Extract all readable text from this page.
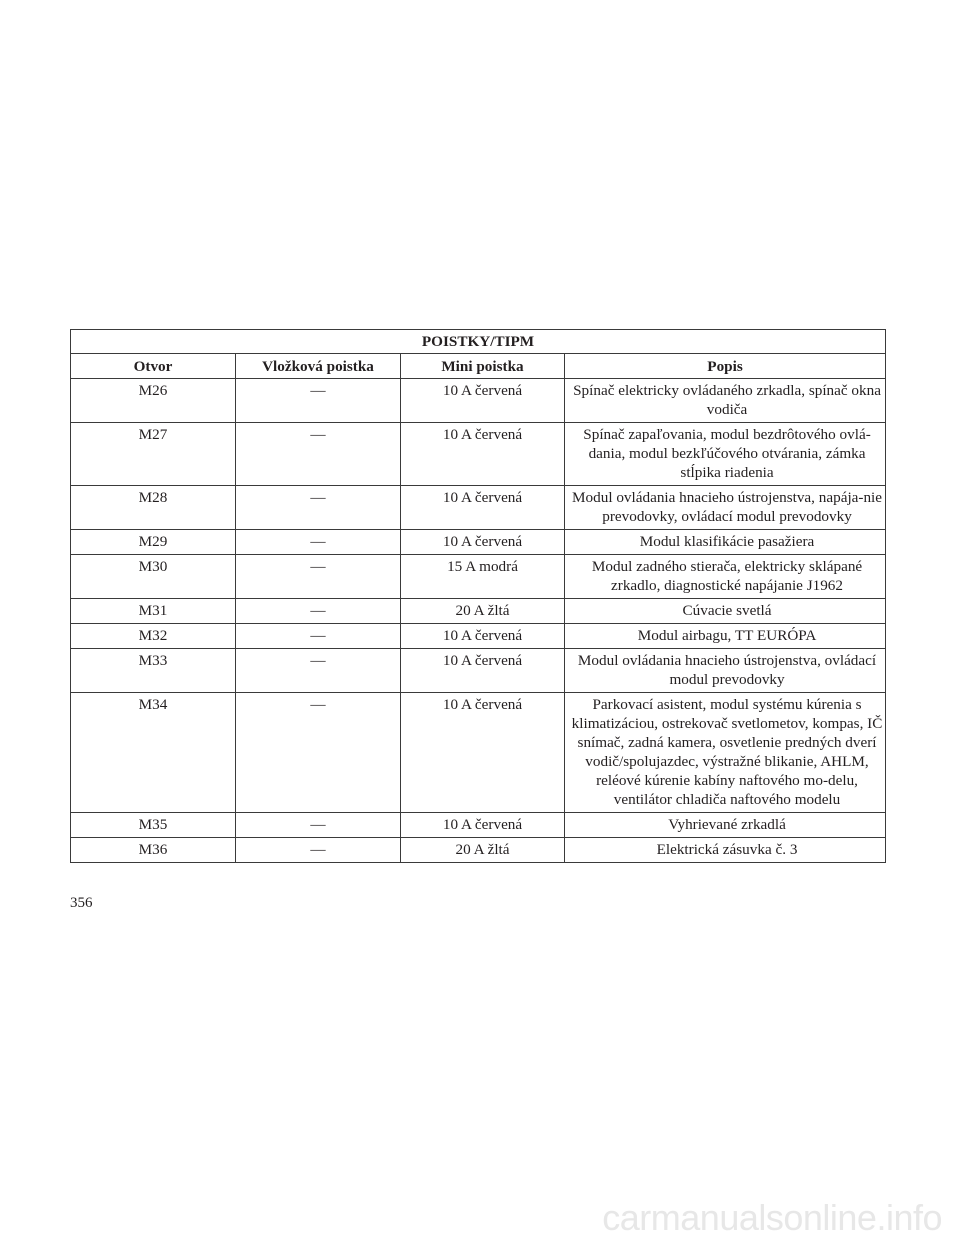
POISTKY/TIPM			
Otvor	Vložková poistka	Mini poistka	Popis
M26	—	10 A červená	Spínač elektricky ovládaného zrkadla, spínač okna vodiča
M27	—	10 A červená	Spínač zapaľovania, modul bezdrôtového ovlá-dania, modul bezkľúčového otvárania, zámka stĺpika riadenia
M28	—	10 A červená	Modul ovládania hnacieho ústrojenstva, napája-nie prevodovky, ovládací modul prevodovky
M29	—	10 A červená	Modul klasifikácie pasažiera
M30	—	15 A modrá	Modul zadného stierača, elektricky sklápané zrkadlo, diagnostické napájanie J1962
M31	—	20 A žltá	Cúvacie svetlá
M32	—	10 A červená	Modul airbagu, TT EURÓPA
M33	—	10 A červená	Modul ovládania hnacieho ústrojenstva, ovládací modul prevodovky
M34	—	10 A červená	Parkovací asistent, modul systému kúrenia s klimatizáciou, ostrekovač svetlometov, kompas, IČ snímač, zadná kamera, osvetlenie predných dverí vodič/spolujazdec, výstražné blikanie, AHLM, reléové kúrenie kabíny naftového mo-delu, ventilátor chladiča naftového modelu
M35	—	10 A červená	Vyhrievané zrkadlá
M36	—	20 A žltá	Elektrická zásuvka č. 3
356
carmanualsonline.info
